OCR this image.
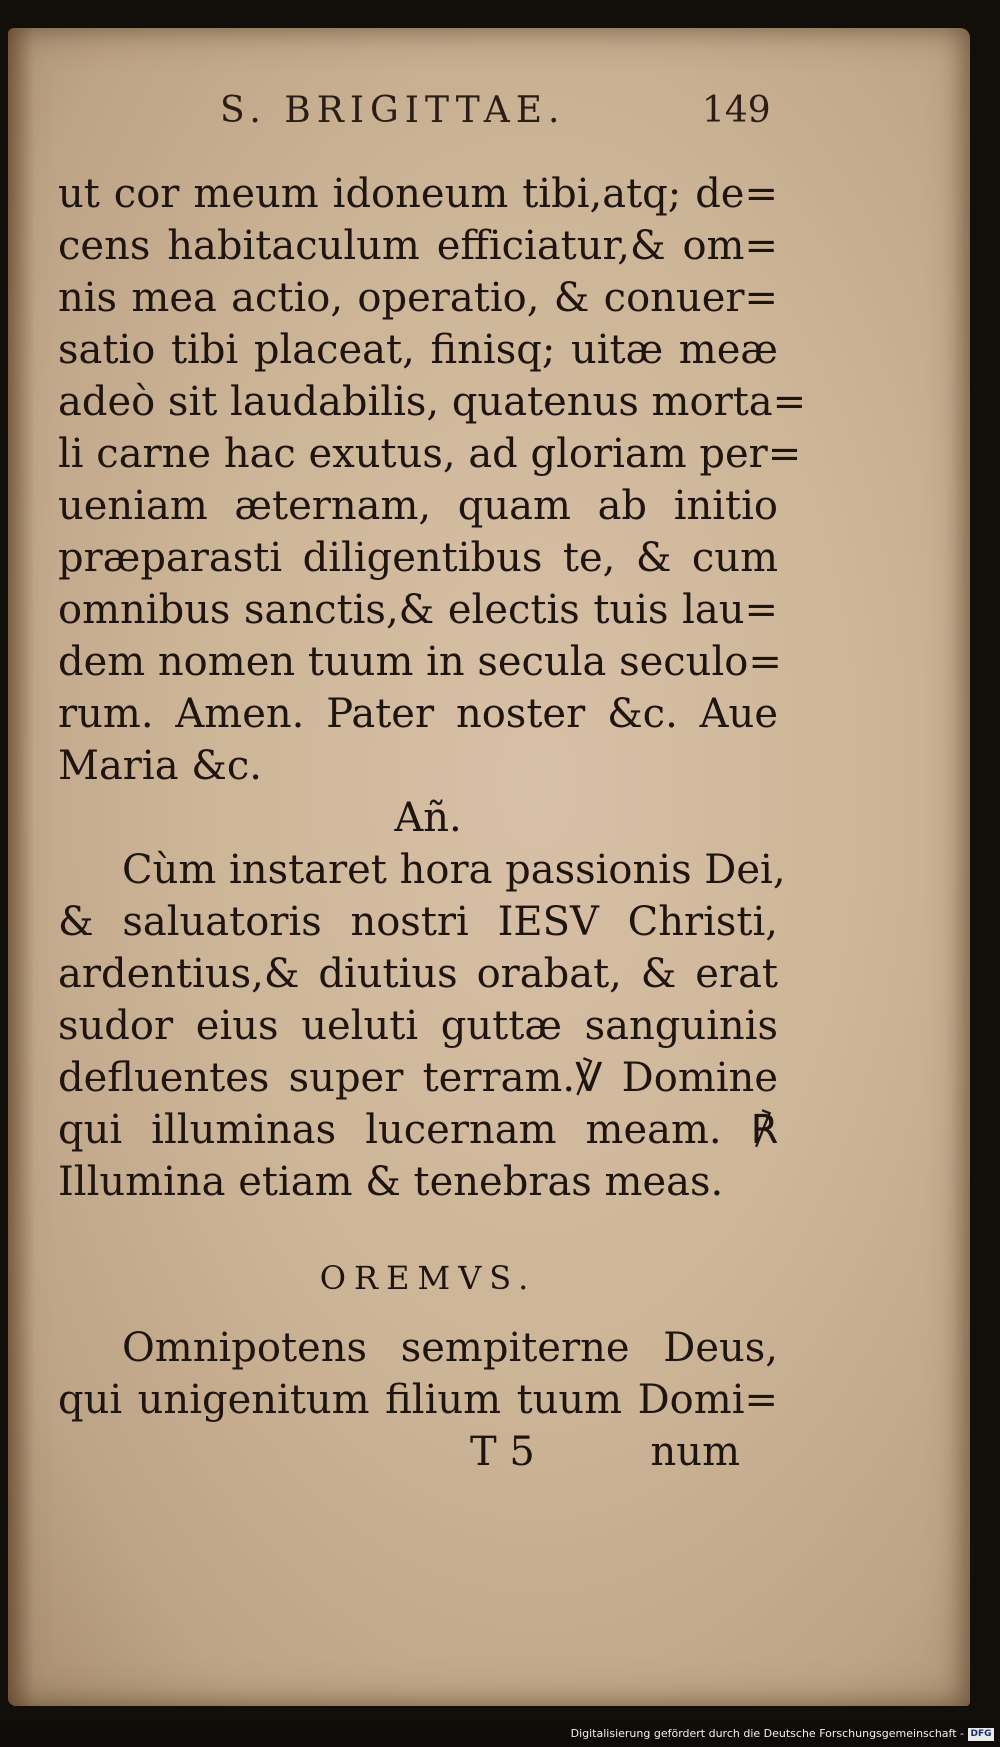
S. BRIGITTAE.	149
ut cor meum idoneum tibi,atq; de=
cens habitaculum efficiatur,& om=
nis mea actio, operatio, & conuer=
satio tibi placeat, finisq; uitæ meæ
adeò sit laudabilis, quatenus morta=
li carne hac exutus, ad gloriam per=
ueniam æternam, quam ab initio
præparasti diligentibus te, & cum
omnibus sanctis,& electis tuis lau=
dem nomen tuum in secula seculo=
rum. Amen. Pater noster &c. Aue
Maria &c.
Añ.
Cùm instaret hora passionis Dei,
& saluatoris nostri IESV Christi,
ardentius,& diutius orabat, & erat
sudor eius ueluti guttæ sanguinis
defluentes super terram.℣ Domine
qui illuminas lucernam meam. ℟
Illumina etiam & tenebras meas.
OREMVS.
Omnipotens sempiterne Deus,
qui unigenitum filium tuum Domi=
T 5	num
Digitalisierung gefördert durch die Deutsche Forschungsgemeinschaft - DFG
